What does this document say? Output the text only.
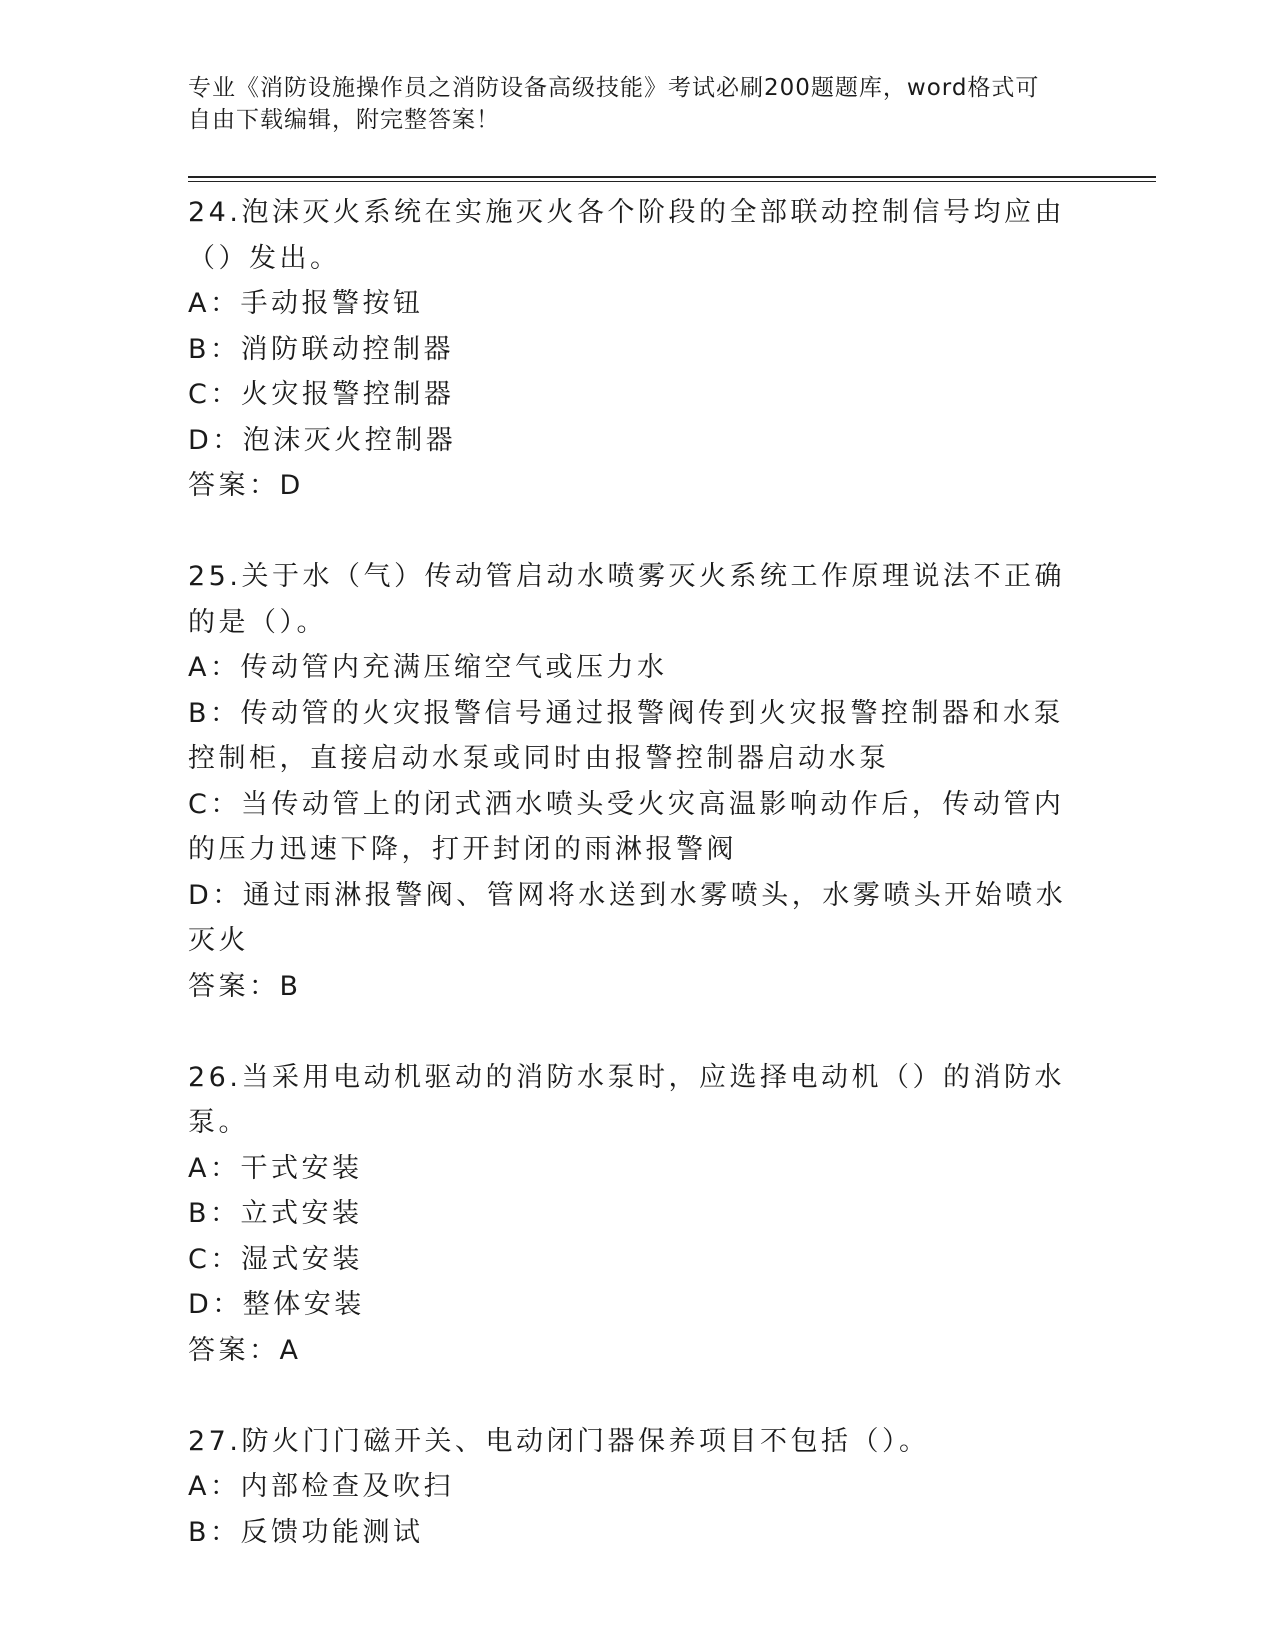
专业《消防设施操作员之消防设备高级技能》考试必刷200题题库，word格式可
自由下载编辑，附完整答案！
24.泡沫灭火系统在实施灭火各个阶段的全部联动控制信号均应由（）发出。
A：手动报警按钮
B：消防联动控制器
C：火灾报警控制器
D：泡沫灭火控制器
答案：D
25.关于水（气）传动管启动水喷雾灭火系统工作原理说法不正确的是（）。
A：传动管内充满压缩空气或压力水
B：传动管的火灾报警信号通过报警阀传到火灾报警控制器和水泵控制柜，直接启动水泵或同时由报警控制器启动水泵
C：当传动管上的闭式洒水喷头受火灾高温影响动作后，传动管内的压力迅速下降，打开封闭的雨淋报警阀
D：通过雨淋报警阀、管网将水送到水雾喷头，水雾喷头开始喷水灭火
答案：B
26.当采用电动机驱动的消防水泵时，应选择电动机（）的消防水泵。
A：干式安装
B：立式安装
C：湿式安装
D：整体安装
答案：A
27.防火门门磁开关、电动闭门器保养项目不包括（）。
A：内部检查及吹扫
B：反馈功能测试
